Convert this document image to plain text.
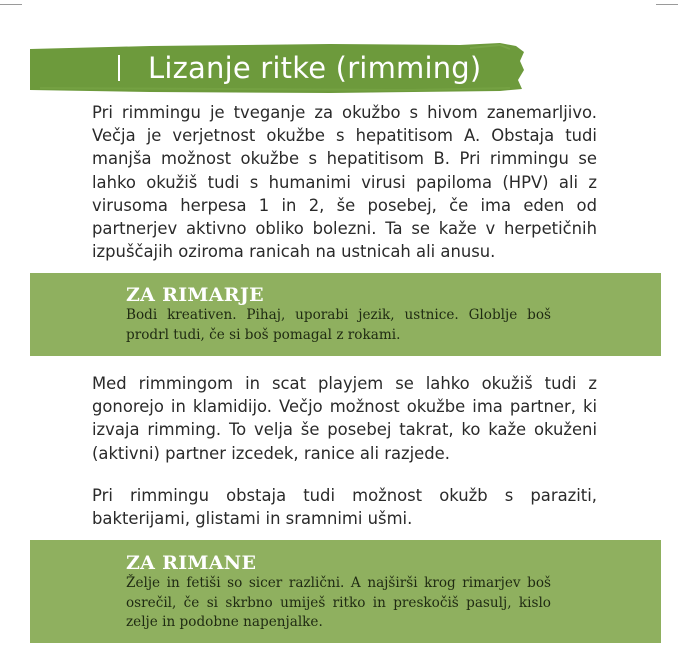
Lizanje ritke (rimming)

Pri rimmingu je tveganje za okužbo s hivom zanemarljivo. Večja je verjetnost okužbe s hepatitisom A. Obstaja tudi manjša možnost okužbe s hepatitisom B. Pri rimmingu se lahko okužiš tudi s humanimi virusi papiloma (HPV) ali z virusoma herpesa 1 in 2, še posebej, če ima eden od partnerjev aktivno obliko bolezni. Ta se kaže v herpetičnih izpuščajih oziroma ranicah na ustnicah ali anusu.

ZA RIMARJE

Bodi kreativen. Pihaj, uporabi jezik, ustnice. Globlje boš prodrl tudi, če si boš pomagal z rokami.

Med rimmingom in scat playjem se lahko okužiš tudi z gonorejo in klamidijo. Večjo možnost okužbe ima partner, ki izvaja rimming. To velja še posebej takrat, ko kaže okuženi (aktivni) partner izcedek, ranice ali razjede.

Pri rimmingu obstaja tudi možnost okužb s paraziti, bakterijami, glistami in sramnimi ušmi.

ZA RIMANE

Želje in fetiši so sicer različni. A najširši krog rimarjev boš osrečil, če si skrbno umiješ ritko in preskočiš pasulj, kislo zelje in podobne napenjalke.
